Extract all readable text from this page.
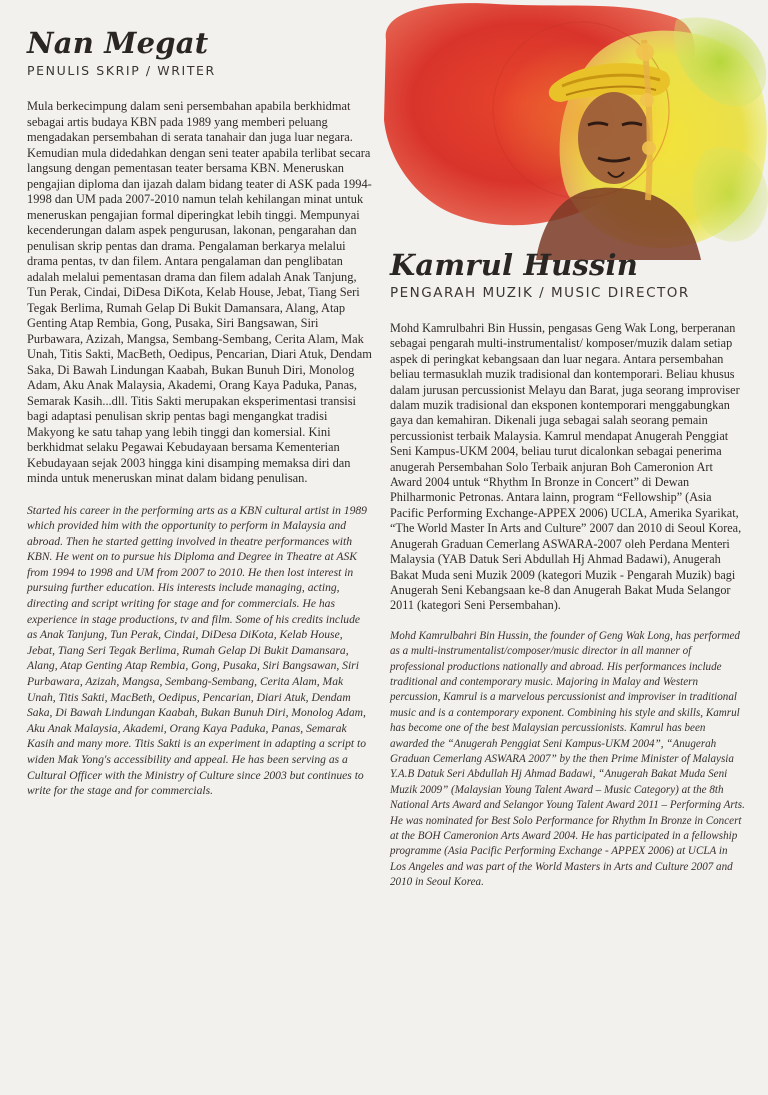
Nan Megat

PENULIS SKRIP / WRITER

Mula berkecimpung dalam seni persembahan apabila berkhidmat sebagai artis budaya KBN pada 1989 yang memberi peluang mengadakan persembahan di serata tanahair dan juga luar negara. Kemudian mula didedahkan dengan seni teater apabila terlibat secara langsung dengan pementasan teater bersama KBN. Meneruskan pengajian diploma dan ijazah dalam bidang teater di ASK pada 1994-1998 dan UM pada 2007-2010 namun telah kehilangan minat untuk meneruskan pengajian formal diperingkat lebih tinggi. Mempunyai kecenderungan dalam aspek pengurusan, lakonan, pengarahan dan penulisan skrip pentas dan drama. Pengalaman berkarya melalui drama pentas, tv dan filem. Antara pengalaman dan penglibatan adalah melalui pementasan drama dan filem adalah Anak Tanjung, Tun Perak, Cindai, DiDesa DiKota, Kelab House, Jebat, Tiang Seri Tegak Berlima, Rumah Gelap Di Bukit Damansara, Alang, Atap Genting Atap Rembia, Gong, Pusaka, Siri Bangsawan, Siri Purbawara, Azizah, Mangsa, Sembang-Sembang, Cerita Alam, Mak Unah, Titis Sakti, MacBeth, Oedipus, Pencarian, Diari Atuk, Dendam Saka, Di Bawah Lindungan Kaabah, Bukan Bunuh Diri, Monolog Adam, Aku Anak Malaysia, Akademi, Orang Kaya Paduka, Panas, Semarak Kasih...dll. Titis Sakti merupakan eksperimentasi transisi bagi adaptasi penulisan skrip pentas bagi mengangkat tradisi Makyong ke satu tahap yang lebih tinggi dan komersial. Kini berkhidmat selaku Pegawai Kebudayaan bersama Kementerian Kebudayaan sejak 2003 hingga kini disamping memaksa diri dan minda untuk meneruskan minat dalam bidang penulisan.

Started his career in the performing arts as a KBN cultural artist in 1989 which provided him with the opportunity to perform in Malaysia and abroad. Then he started getting involved in theatre performances with KBN. He went on to pursue his Diploma and Degree in Theatre at ASK from 1994 to 1998 and UM from 2007 to 2010. He then lost interest in pursuing further education. His interests include managing, acting, directing and script writing for stage and for commercials. He has experience in stage productions, tv and film. Some of his credits include as Anak Tanjung, Tun Perak, Cindai, DiDesa DiKota, Kelab House, Jebat, Tiang Seri Tegak Berlima, Rumah Gelap Di Bukit Damansara, Alang, Atap Genting Atap Rembia, Gong, Pusaka, Siri Bangsawan, Siri Purbawara, Azizah, Mangsa, Sembang-Sembang, Cerita Alam, Mak Unah, Titis Sakti, MacBeth, Oedipus, Pencarian, Diari Atuk, Dendam Saka, Di Bawah Lindungan Kaabah, Bukan Bunuh Diri, Monolog Adam, Aku Anak Malaysia, Akademi, Orang Kaya Paduka, Panas, Semarak Kasih and many more. Titis Sakti is an experiment in adapting a script to widen Mak Yong's accessibility and appeal. He has been serving as a Cultural Officer with the Ministry of Culture since 2003 but continues to write for the stage and for commercials.

Kamrul Hussin

PENGARAH MUZIK / MUSIC DIRECTOR

Mohd Kamrulbahri Bin Hussin, pengasas Geng Wak Long, berperanan sebagai pengarah multi-instrumentalist/ komposer/muzik dalam setiap aspek di peringkat kebangsaan dan luar negara. Antara persembahan beliau termasuklah muzik tradisional dan kontemporari. Beliau khusus dalam jurusan percussionist Melayu dan Barat, juga seorang improviser dalam muzik tradisional dan eksponen kontemporari menggabungkan gaya dan kemahiran. Dikenali juga sebagai salah seorang pemain percussionist terbaik Malaysia. Kamrul mendapat Anugerah Penggiat Seni Kampus-UKM 2004, beliau turut dicalonkan sebagai penerima anugerah Persembahan Solo Terbaik anjuran Boh Cameronion Art Award 2004 untuk “Rhythm In Bronze in Concert” di Dewan Philharmonic Petronas. Antara lainn, program “Fellowship” (Asia Pacific Performing Exchange-APPEX 2006) UCLA, Amerika Syarikat, “The World Master In Arts and Culture” 2007 dan 2010 di Seoul Korea, Anugerah Graduan Cemerlang ASWARA-2007 oleh Perdana Menteri Malaysia (YAB Datuk Seri Abdullah Hj Ahmad Badawi), Anugerah Bakat Muda seni Muzik 2009 (kategori Muzik - Pengarah Muzik) bagi Anugerah Seni Kebangsaan ke-8 dan Anugerah Bakat Muda Selangor 2011 (kategori Seni Persembahan).

Mohd Kamrulbahri Bin Hussin, the founder of Geng Wak Long, has performed as a multi-instrumentalist/composer/music director in all manner of professional productions nationally and abroad. His performances include traditional and contemporary music. Majoring in Malay and Western percussion, Kamrul is a marvelous percussionist and improviser in traditional music and is a contemporary exponent. Combining his style and skills, Kamrul has become one of the best Malaysian percussionists. Kamrul has been awarded the “Anugerah Penggiat Seni Kampus-UKM 2004”, “Anugerah Graduan Cemerlang ASWARA 2007” by the then Prime Minister of Malaysia Y.A.B Datuk Seri Abdullah Hj Ahmad Badawi, “Anugerah Bakat Muda Seni Muzik 2009” (Malaysian Young Talent Award – Music Category) at the 8th National Arts Award and Selangor Young Talent Award 2011 – Performing Arts. He was nominated for Best Solo Performance for Rhythm In Bronze in Concert at the BOH Cameronion Arts Award 2004. He has participated in a fellowship programme (Asia Pacific Performing Exchange - APPEX 2006) at UCLA in Los Angeles and was part of the World Masters in Arts and Culture 2007 and 2010 in Seoul Korea.
